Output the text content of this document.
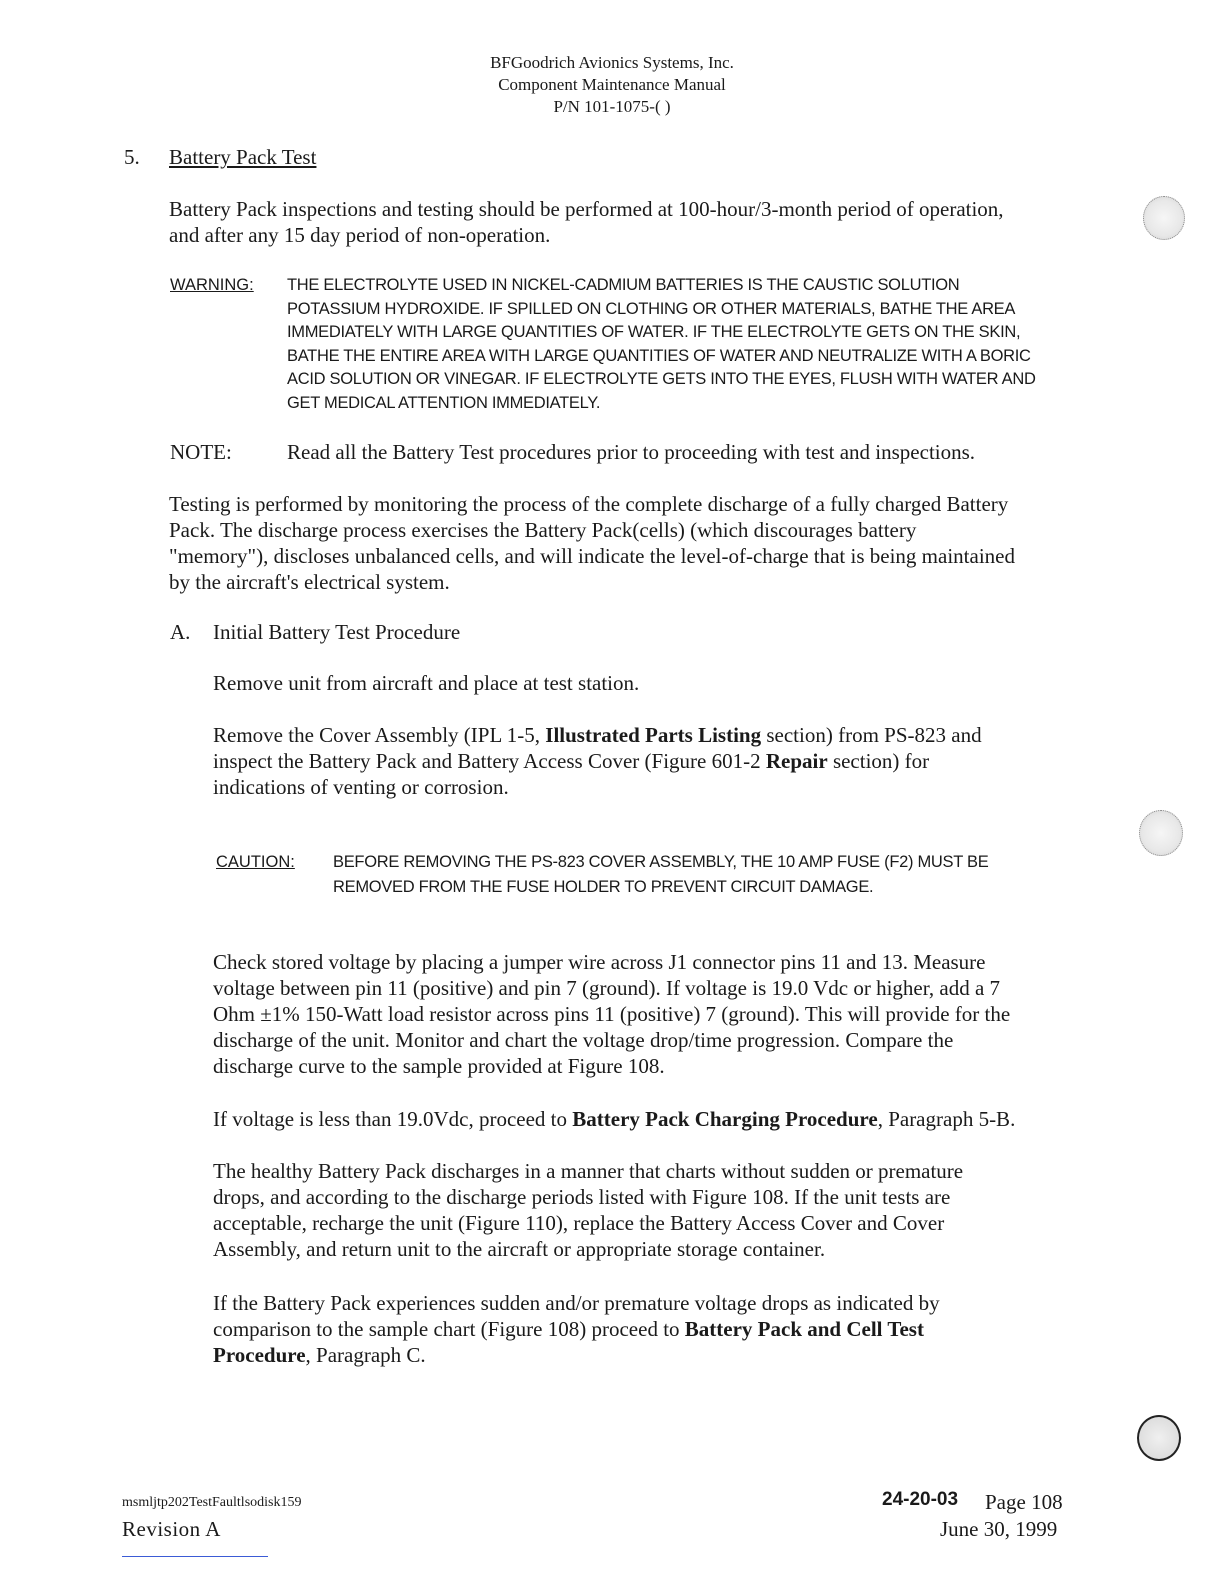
BFGoodrich Avionics Systems, Inc.
Component Maintenance Manual
P/N 101-1075-( )
5. Battery Pack Test
Battery Pack inspections and testing should be performed at 100-hour/3-month period of operation,
and after any 15 day period of non-operation.
WARNING: THE ELECTROLYTE USED IN NICKEL-CADMIUM BATTERIES IS THE CAUSTIC SOLUTION
POTASSIUM HYDROXIDE. IF SPILLED ON CLOTHING OR OTHER MATERIALS, BATHE THE AREA
IMMEDIATELY WITH LARGE QUANTITIES OF WATER. IF THE ELECTROLYTE GETS ON THE SKIN,
BATHE THE ENTIRE AREA WITH LARGE QUANTITIES OF WATER AND NEUTRALIZE WITH A BORIC
ACID SOLUTION OR VINEGAR. IF ELECTROLYTE GETS INTO THE EYES, FLUSH WITH WATER AND
GET MEDICAL ATTENTION IMMEDIATELY.
NOTE:	Read all the Battery Test procedures prior to proceeding with test and inspections.
Testing is performed by monitoring the process of the complete discharge of a fully charged Battery
Pack. The discharge process exercises the Battery Pack(cells) (which discourages battery
"memory"), discloses unbalanced cells, and will indicate the level-of-charge that is being maintained
by the aircraft's electrical system.
A. Initial Battery Test Procedure
Remove unit from aircraft and place at test station.
Remove the Cover Assembly (IPL 1-5, Illustrated Parts Listing section) from PS-823 and
inspect the Battery Pack and Battery Access Cover (Figure 601-2 Repair section) for
indications of venting or corrosion.
CAUTION: BEFORE REMOVING THE PS-823 COVER ASSEMBLY, THE 10 AMP FUSE (F2) MUST BE
REMOVED FROM THE FUSE HOLDER TO PREVENT CIRCUIT DAMAGE.
Check stored voltage by placing a jumper wire across J1 connector pins 11 and 13. Measure
voltage between pin 11 (positive) and pin 7 (ground). If voltage is 19.0 Vdc or higher, add a 7
Ohm ±1% 150-Watt load resistor across pins 11 (positive) 7 (ground). This will provide for the
discharge of the unit. Monitor and chart the voltage drop/time progression. Compare the
discharge curve to the sample provided at Figure 108.
If voltage is less than 19.0Vdc, proceed to Battery Pack Charging Procedure, Paragraph 5-B.
The healthy Battery Pack discharges in a manner that charts without sudden or premature
drops, and according to the discharge periods listed with Figure 108. If the unit tests are
acceptable, recharge the unit (Figure 110), replace the Battery Access Cover and Cover
Assembly, and return unit to the aircraft or appropriate storage container.
If the Battery Pack experiences sudden and/or premature voltage drops as indicated by
comparison to the sample chart (Figure 108) proceed to Battery Pack and Cell Test
Procedure, Paragraph C.
msmljtp202TestFaultlsodisk159
Revision A
24-20-03 Page 108
June 30, 1999
